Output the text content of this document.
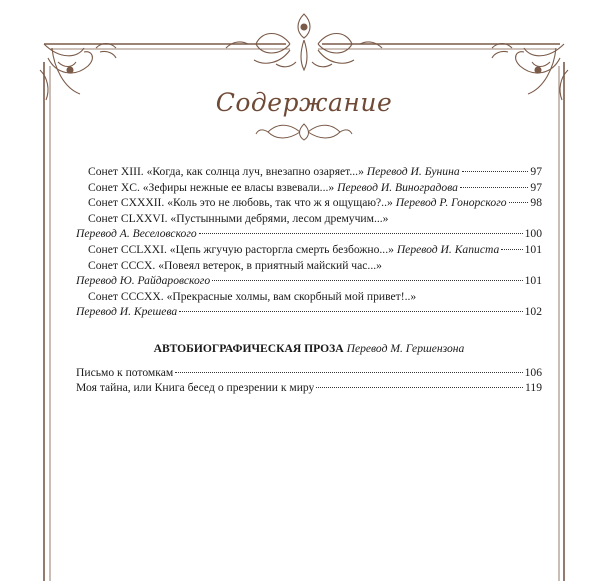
Содержание
Сонет XIII. «Когда, как солнца луч, внезапно озаряет...»
Перевод И. Бунина	97
Сонет XC. «Зефиры нежные ее власы взвевали...»
Перевод И. Виноградова	97
Сонет CXXXII. «Коль это не любовь, так что ж я ощущаю?..»
Перевод Р. Гонорского 98
Сонет CLXXVI. «Пустынными дебрями, лесом дремучим...»
Перевод А. Веселовского	100
Сонет CCLXXI. «Цепь жгучую расторгла смерть безбожно...»
Перевод И. Каписта 101
Сонет CCCX. «Повеял ветерок, в приятный майский час...»
Перевод Ю. Райдаровского	101
Сонет CCCXX. «Прекрасные холмы, вам скорбный мой привет!..»
Перевод И. Крешева	102
АВТОБИОГРАФИЧЕСКАЯ ПРОЗА Перевод М. Гершензона
Письмо к потомкам	106
Моя тайна, или Книга бесед о презрении к миру	119
